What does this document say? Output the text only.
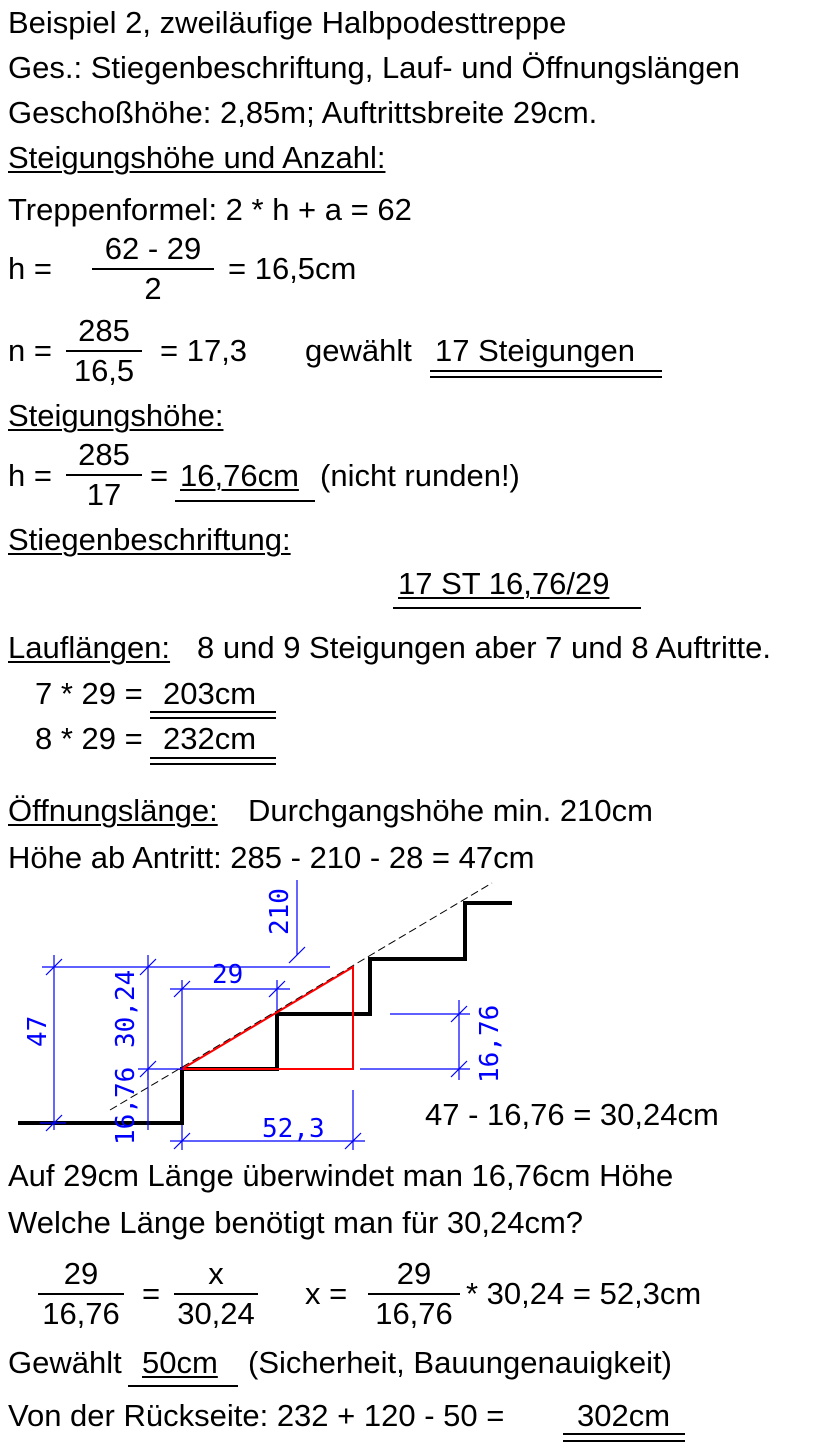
Beispiel 2, zweiläufige Halbpodesttreppe
Ges.: Stiegenbeschriftung, Lauf- und Öffnungslängen
Geschoßhöhe: 2,85m; Auftrittsbreite 29cm.
Steigungshöhe und Anzahl:
Treppenformel: 2 * h + a = 62
h =
62 - 29
2
= 16,5cm
n =
285
16,5
= 17,3 gewählt 17 Steigungen
Steigungshöhe:
h =
285
17
= 16,76cm (nicht runden!)
Stiegenbeschriftung:
17 ST 16,76/29
Lauflängen: 8 und 9 Steigungen aber 7 und 8 Auftritte.
7 * 29 = 203cm
8 * 29 = 232cm
Öffnungslänge: Durchgangshöhe min. 210cm
Höhe ab Antritt: 285 - 210 - 28 = 47cm
210
29
47 30,24
16,76
16,76
52,3	47 - 16,76 = 30,24cm
Auf 29cm Länge überwindet man 16,76cm Höhe
Welche Länge benötigt man für 30,24cm?
29
16,76
=
x
30,24
x =
29
16,76
* 30,24 = 52,3cm
Gewählt 50cm (Sicherheit, Bauungenauigkeit)
Von der Rückseite: 232 + 120 - 50 = 302cm
